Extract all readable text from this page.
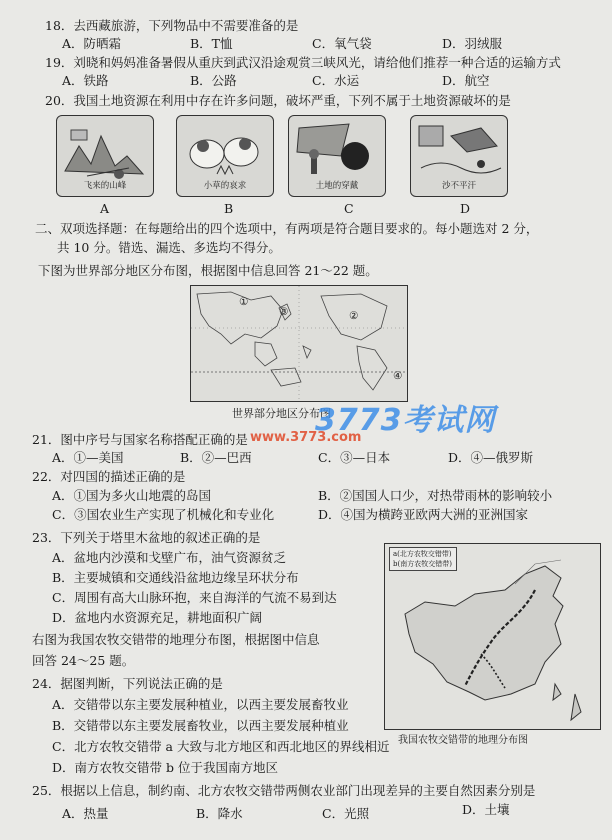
18．去西藏旅游，下列物品中不需要准备的是
A．防晒霜	B．T恤	C．氧气袋	D．羽绒服
19．刘晓和妈妈准备暑假从重庆到武汉沿途观赏三峡风光，请给他们推荐一种合适的运输方式
A．铁路	B．公路	C．水运	D．航空
20．我国土地资源在利用中存在许多问题，破坏严重，下列不属于土地资源破坏的是
飞来的山峰	小草的哀求	土地的穿戴	沙不平汗
A	B	C	D
二、双项选择题：在每题给出的四个选项中，有两项是符合题目要求的。每小题选对 2 分，
共 10 分。错选、漏选、多选均不得分。
下图为世界部分地区分布图，根据图中信息回答 21～22 题。
①
②
③
④
世界部分地区分布图
3773考试网
www.3773.com
21．图中序号与国家名称搭配正确的是
A．①—美国	B．②—巴西	C．③—日本	D．④—俄罗斯
22．对四国的描述正确的是
A．①国为多火山地震的岛国	B．②国国人口少，对热带雨林的影响较小
C．③国农业生产实现了机械化和专业化	D．④国为横跨亚欧两大洲的亚洲国家
23．下列关于塔里木盆地的叙述正确的是
A．盆地内沙漠和戈壁广布，油气资源贫乏
B．主要城镇和交通线沿盆地边缘呈环状分布
C．周围有高大山脉环抱，来自海洋的气流不易到达
D．盆地内水资源充足，耕地面积广阔
a(北方农牧交错带)
b(南方农牧交错带)
我国农牧交错带的地理分布图
右图为我国农牧交错带的地理分布图，根据图中信息
回答 24～25 题。
24．据图判断，下列说法正确的是
A．交错带以东主要发展种植业，以西主要发展畜牧业
B．交错带以东主要发展畜牧业，以西主要发展种植业
C．北方农牧交错带 a 大致与北方地区和西北地区的界线相近
D．南方农牧交错带 b 位于我国南方地区
25．根据以上信息，制约南、北方农牧交错带两侧农业部门出现差异的主要自然因素分别是
A．热量	B．降水	C．光照	D．土壤
